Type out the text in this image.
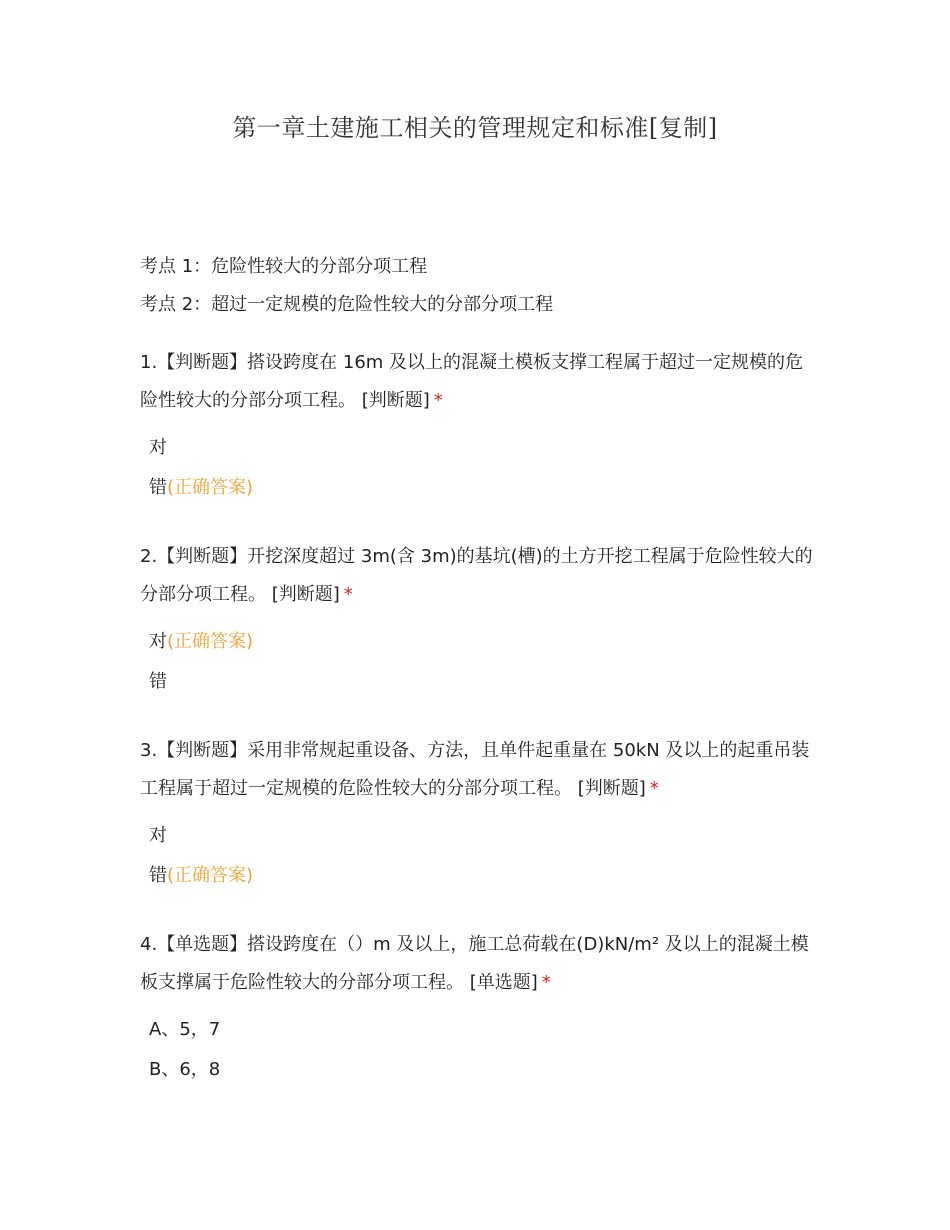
第一章土建施工相关的管理规定和标准[复制]
考点 1：危险性较大的分部分项工程
考点 2：超过一定规模的危险性较大的分部分项工程
1.【判断题】搭设跨度在 16m 及以上的混凝土模板支撑工程属于超过一定规模的危险性较大的分部分项工程。 [判断题] *
对
错(正确答案)
2.【判断题】开挖深度超过 3m(含 3m)的基坑(槽)的土方开挖工程属于危险性较大的分部分项工程。 [判断题] *
对(正确答案)
错
3.【判断题】采用非常规起重设备、方法，且单件起重量在 50kN 及以上的起重吊装工程属于超过一定规模的危险性较大的分部分项工程。 [判断题] *
对
错(正确答案)
4.【单选题】搭设跨度在（）m 及以上，施工总荷载在(D)kN/m² 及以上的混凝土模板支撑属于危险性较大的分部分项工程。 [单选题] *
A、5，7
B、6，8
